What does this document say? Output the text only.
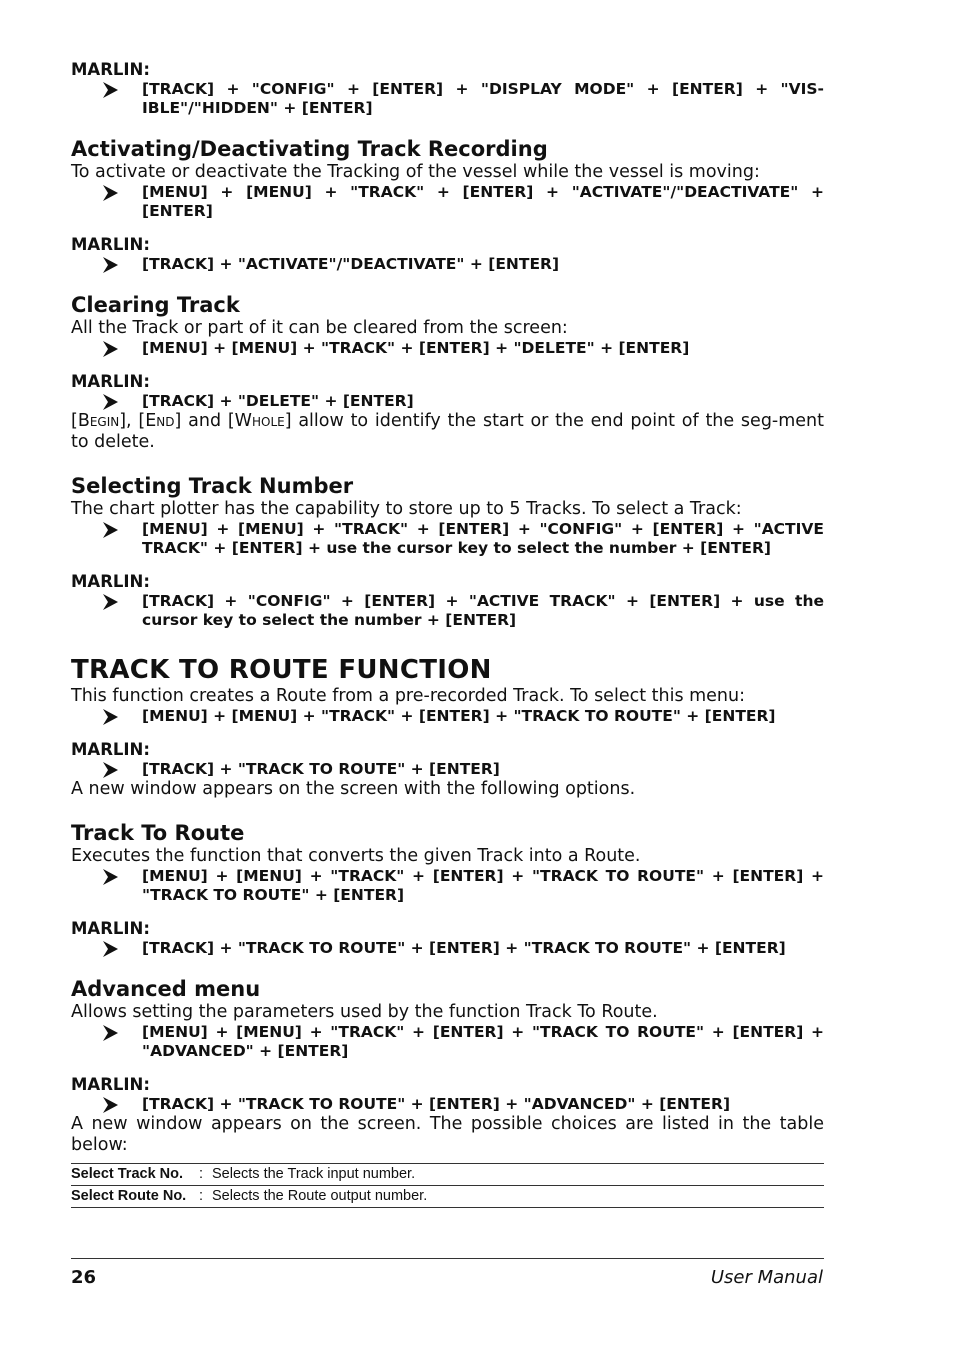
MARLIN:

[TRACK] + "CONFIG" + [ENTER] + "DISPLAY MODE" + [ENTER] + "VIS-IBLE"/"HIDDEN" + [ENTER]

Activating/Deactivating Track Recording

To activate or deactivate the Tracking of the vessel while the vessel is moving:

[MENU] + [MENU] + "TRACK" + [ENTER] + "ACTIVATE"/"DEACTIVATE" + [ENTER]

MARLIN:

[TRACK] + "ACTIVATE"/"DEACTIVATE" + [ENTER]

Clearing Track

All the Track or part of it can be cleared from the screen:

[MENU] + [MENU] + "TRACK" + [ENTER] + "DELETE" + [ENTER]

MARLIN:

[TRACK] + "DELETE" + [ENTER]

[Begin], [End] and [Whole] allow to identify the start or the end point of the seg-ment to delete.

Selecting Track Number

The chart plotter has the capability to store up to 5 Tracks. To select a Track:

[MENU] + [MENU] + "TRACK" + [ENTER] + "CONFIG" + [ENTER] + "ACTIVE TRACK" + [ENTER] + use the cursor key to select the number + [ENTER]

MARLIN:

[TRACK] + "CONFIG" + [ENTER] + "ACTIVE TRACK" + [ENTER] + use the cursor key to select the number + [ENTER]

TRACK TO ROUTE FUNCTION

This function creates a Route from a pre-recorded Track. To select this menu:

[MENU] + [MENU] + "TRACK" + [ENTER] + "TRACK TO ROUTE" + [ENTER]

MARLIN:

[TRACK] + "TRACK TO ROUTE" + [ENTER]

A new window appears on the screen with the following options.

Track To Route

Executes the function that converts the given Track into a Route.

[MENU] + [MENU] + "TRACK" + [ENTER] + "TRACK TO ROUTE" + [ENTER] + "TRACK TO ROUTE" + [ENTER]

MARLIN:

[TRACK] + "TRACK TO ROUTE" + [ENTER] + "TRACK TO ROUTE" + [ENTER]

Advanced menu

Allows setting the parameters used by the function Track To Route.

[MENU] + [MENU] + "TRACK" + [ENTER] + "TRACK TO ROUTE" + [ENTER] + "ADVANCED" + [ENTER]

MARLIN:

[TRACK] + "TRACK TO ROUTE" + [ENTER] + "ADVANCED" + [ENTER]

A new window appears on the screen. The possible choices are listed in the table below:

Select Track No.	:	Selects the Track input number.
Select Route No.	:	Selects the Route output number.
26	User Manual
